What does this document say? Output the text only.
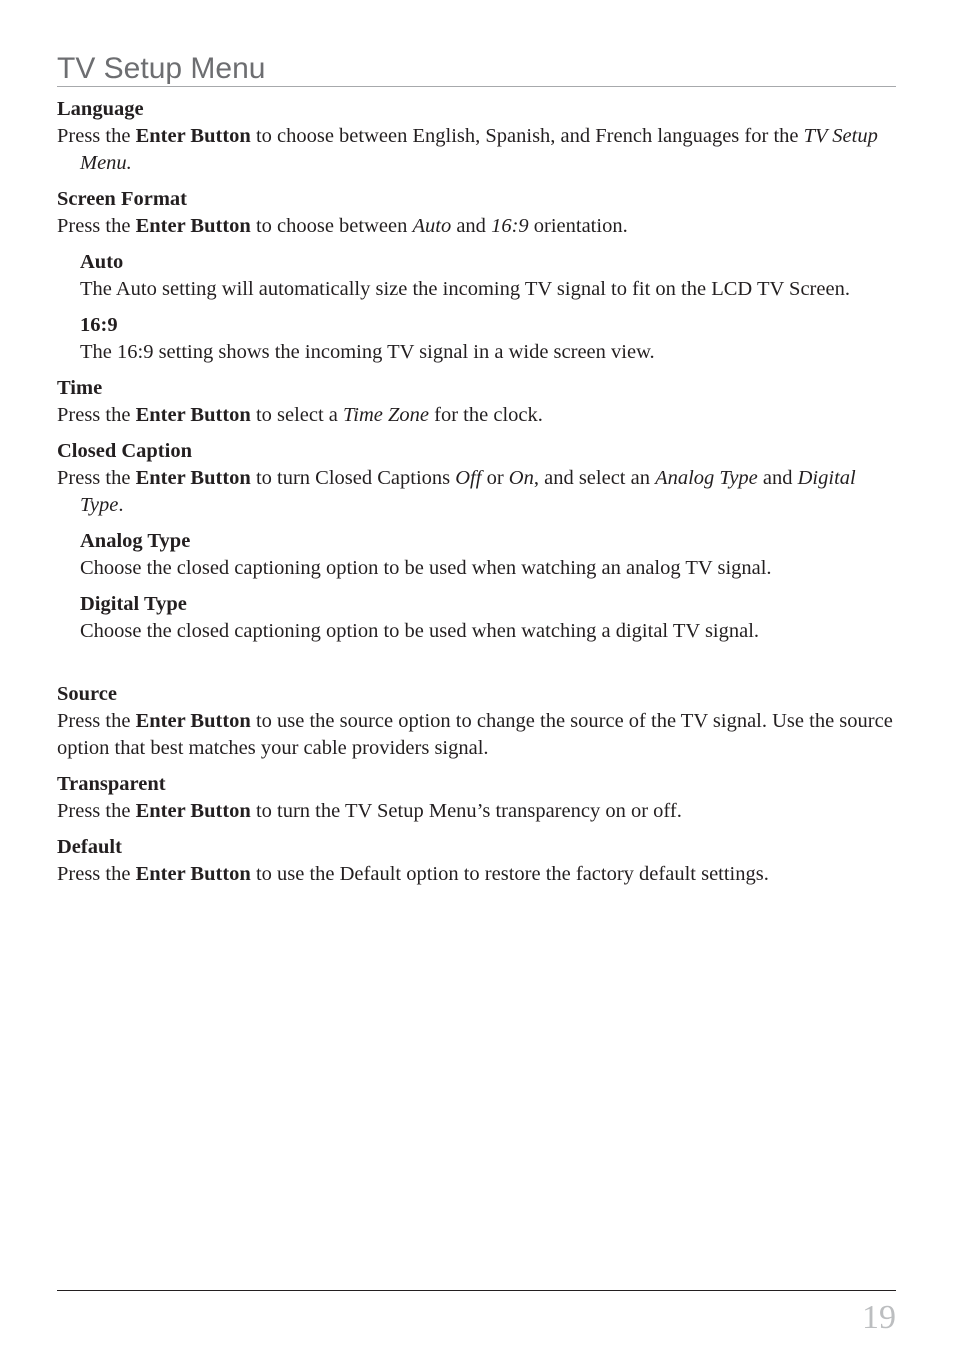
TV Setup Menu

Language

Press the Enter Button to choose between English, Spanish, and French languages for the TV Setup Menu.

Screen Format

Press the Enter Button to choose between Auto and 16:9 orientation.

Auto

The Auto setting will automatically size the incoming TV signal to fit on the LCD TV Screen.

16:9

The 16:9 setting shows the incoming TV signal in a wide screen view.

Time

Press the Enter Button to select a Time Zone for the clock.

Closed Caption

Press the Enter Button to turn Closed Captions Off or On, and select an Analog Type and Digital Type.

Analog Type

Choose the closed captioning option to be used when watching an analog TV signal.

Digital Type

Choose the closed captioning option to be used when watching a digital TV signal.

Source

Press the Enter Button to use the source option to change the source of the TV signal. Use the source option that best matches your cable providers signal.

Transparent

Press the Enter Button to turn the TV Setup Menu’s transparency on or off.

Default

Press the Enter Button to use the Default option to restore the factory default settings.

19
